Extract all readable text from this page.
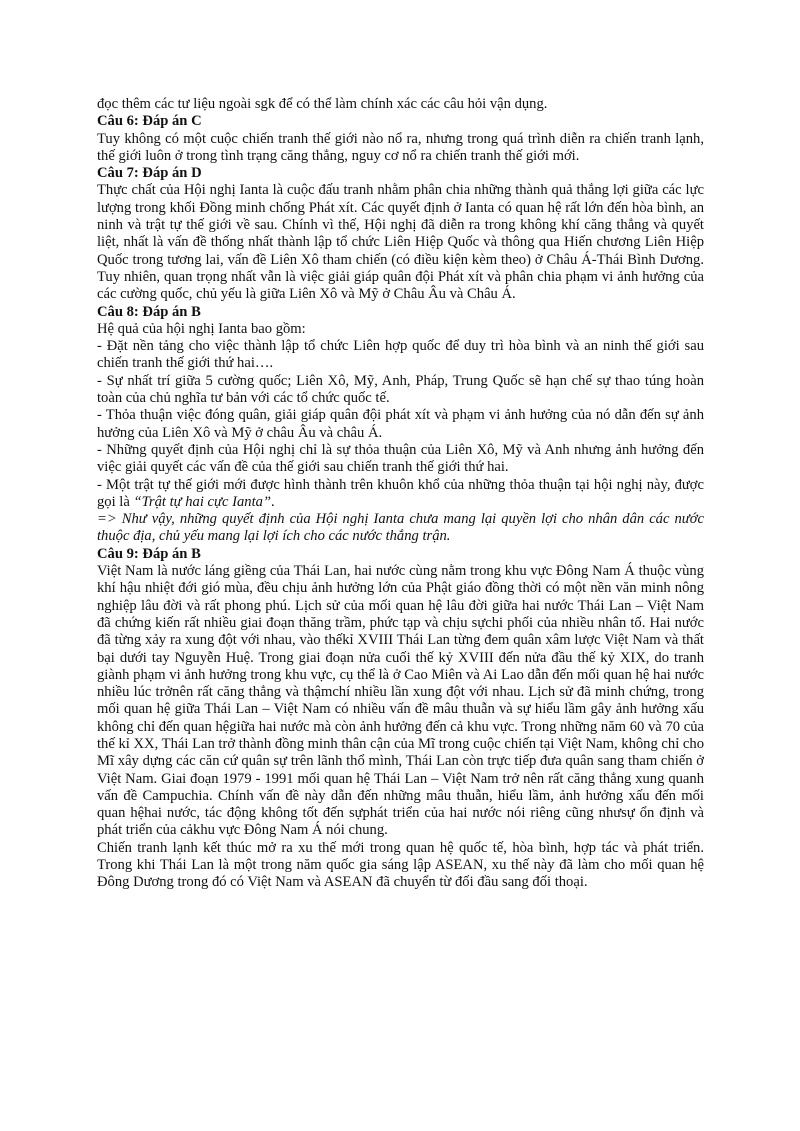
đọc thêm các tư liệu ngoài sgk để có thể làm chính xác các câu hỏi vận dụng.

Câu 6: Đáp án C

Tuy không có một cuộc chiến tranh thế giới nào nổ ra, nhưng trong quá trình diễn ra chiến tranh lạnh, thế giới luôn ở trong tình trạng căng thẳng, nguy cơ nổ ra chiến tranh thế giới mới.

Câu 7: Đáp án D

Thực chất của Hội nghị Ianta là cuộc đấu tranh nhằm phân chia những thành quả thắng lợi giữa các lực lượng trong khối Đồng minh chống Phát xít. Các quyết định ở Ianta có quan hệ rất lớn đến hòa bình, an ninh và trật tự thế giới về sau. Chính vì thế, Hội nghị đã diễn ra trong không khí căng thẳng và quyết liệt, nhất là vấn đề thống nhất thành lập tổ chức Liên Hiệp Quốc và thông qua Hiến chương Liên Hiệp Quốc trong tương lai, vấn đề Liên Xô tham chiến (có điều kiện kèm theo) ở Châu Á-Thái Bình Dương. Tuy nhiên, quan trọng nhất vẫn là việc giải giáp quân đội Phát xít và phân chia phạm vi ảnh hưởng của các cường quốc, chủ yếu là giữa Liên Xô và Mỹ ở Châu Âu và Châu Á.

Câu 8: Đáp án B

Hệ quả của hội nghị Ianta bao gồm:

- Đặt nền tảng cho việc thành lập tổ chức Liên hợp quốc để duy trì hòa bình và an ninh thế giới sau chiến tranh thế giới thứ hai….

- Sự nhất trí giữa 5 cường quốc; Liên Xô, Mỹ, Anh, Pháp, Trung Quốc sẽ hạn chế sự thao túng hoàn toàn của chủ nghĩa tư bản với các tổ chức quốc tế.

- Thỏa thuận việc đóng quân, giải giáp quân đội phát xít và phạm vi ảnh hưởng của nó dẫn đến sự ảnh hưởng của Liên Xô và Mỹ ở châu Âu và châu Á.

- Những quyết định của Hội nghị chỉ là sự thỏa thuận của Liên Xô, Mỹ và Anh nhưng ảnh hưởng đến việc giải quyết các vấn đề của thế giới sau chiến tranh thế giới thứ hai.

- Một trật tự thế giới mới được hình thành trên khuôn khổ của những thỏa thuận tại hội nghị này, được gọi là “Trật tự hai cực Ianta”.

=> Như vậy, những quyết định của Hội nghị Ianta chưa mang lại quyền lợi cho nhân dân các nước thuộc địa, chủ yếu mang lại lợi ích cho các nước thắng trận.

Câu 9: Đáp án B

Việt Nam là nước láng giềng của Thái Lan, hai nước cùng nằm trong khu vực Đông Nam Á thuộc vùng khí hậu nhiệt đới gió mùa, đều chịu ảnh hưởng lớn của Phật giáo đồng thời có một nền văn minh nông nghiệp lâu đời và rất phong phú. Lịch sử của mối quan hệ lâu đời giữa hai nước Thái Lan – Việt Nam đã chứng kiến rất nhiều giai đoạn thăng trầm, phức tạp và chịu sựchi phối của nhiều nhân tố. Hai nước đã từng xảy ra xung đột với nhau, vào thếkỉ XVIII Thái Lan từng đem quân xâm lược Việt Nam và thất bại dưới tay Nguyễn Huệ. Trong giai đoạn nửa cuối thế kỷ XVIII đến nửa đầu thế kỷ XIX, do tranh giành phạm vi ảnh hưởng trong khu vực, cụ thể là ở Cao Miên và Ai Lao dẫn đến mối quan hệ hai nước nhiều lúc trởnên rất căng thẳng và thậmchí nhiều lần xung đột với nhau. Lịch sử đã minh chứng, trong mối quan hệ giữa Thái Lan – Việt Nam có nhiều vấn đề mâu thuẫn và sự hiểu lầm gây ảnh hưởng xấu không chỉ đến quan hệgiữa hai nước mà còn ảnh hưởng đến cả khu vực. Trong những năm 60 và 70 của thế kỉ XX, Thái Lan trở thành đồng minh thân cận của Mĩ trong cuộc chiến tại Việt Nam, không chỉ cho Mĩ xây dựng các căn cứ quân sự trên lãnh thổ mình, Thái Lan còn trực tiếp đưa quân sang tham chiến ở Việt Nam. Giai đoạn 1979 - 1991 mối quan hệ Thái Lan – Việt Nam trở nên rất căng thẳng xung quanh vấn đề Campuchia. Chính vấn đề này dẫn đến những mâu thuẫn, hiểu lầm, ảnh hưởng xấu đến mối quan hệhai nước, tác động không tốt đến sựphát triển của hai nước nói riêng cũng nhưsự ổn định và phát triển của cảkhu vực Đông Nam Á nói chung.

Chiến tranh lạnh kết thúc mở ra xu thế mới trong quan hệ quốc tế, hòa bình, hợp tác và phát triển. Trong khi Thái Lan là một trong năm quốc gia sáng lập ASEAN, xu thế này đã làm cho mối quan hệ Đông Dương trong đó có Việt Nam và ASEAN đã chuyển từ đối đầu sang đối thoại.
